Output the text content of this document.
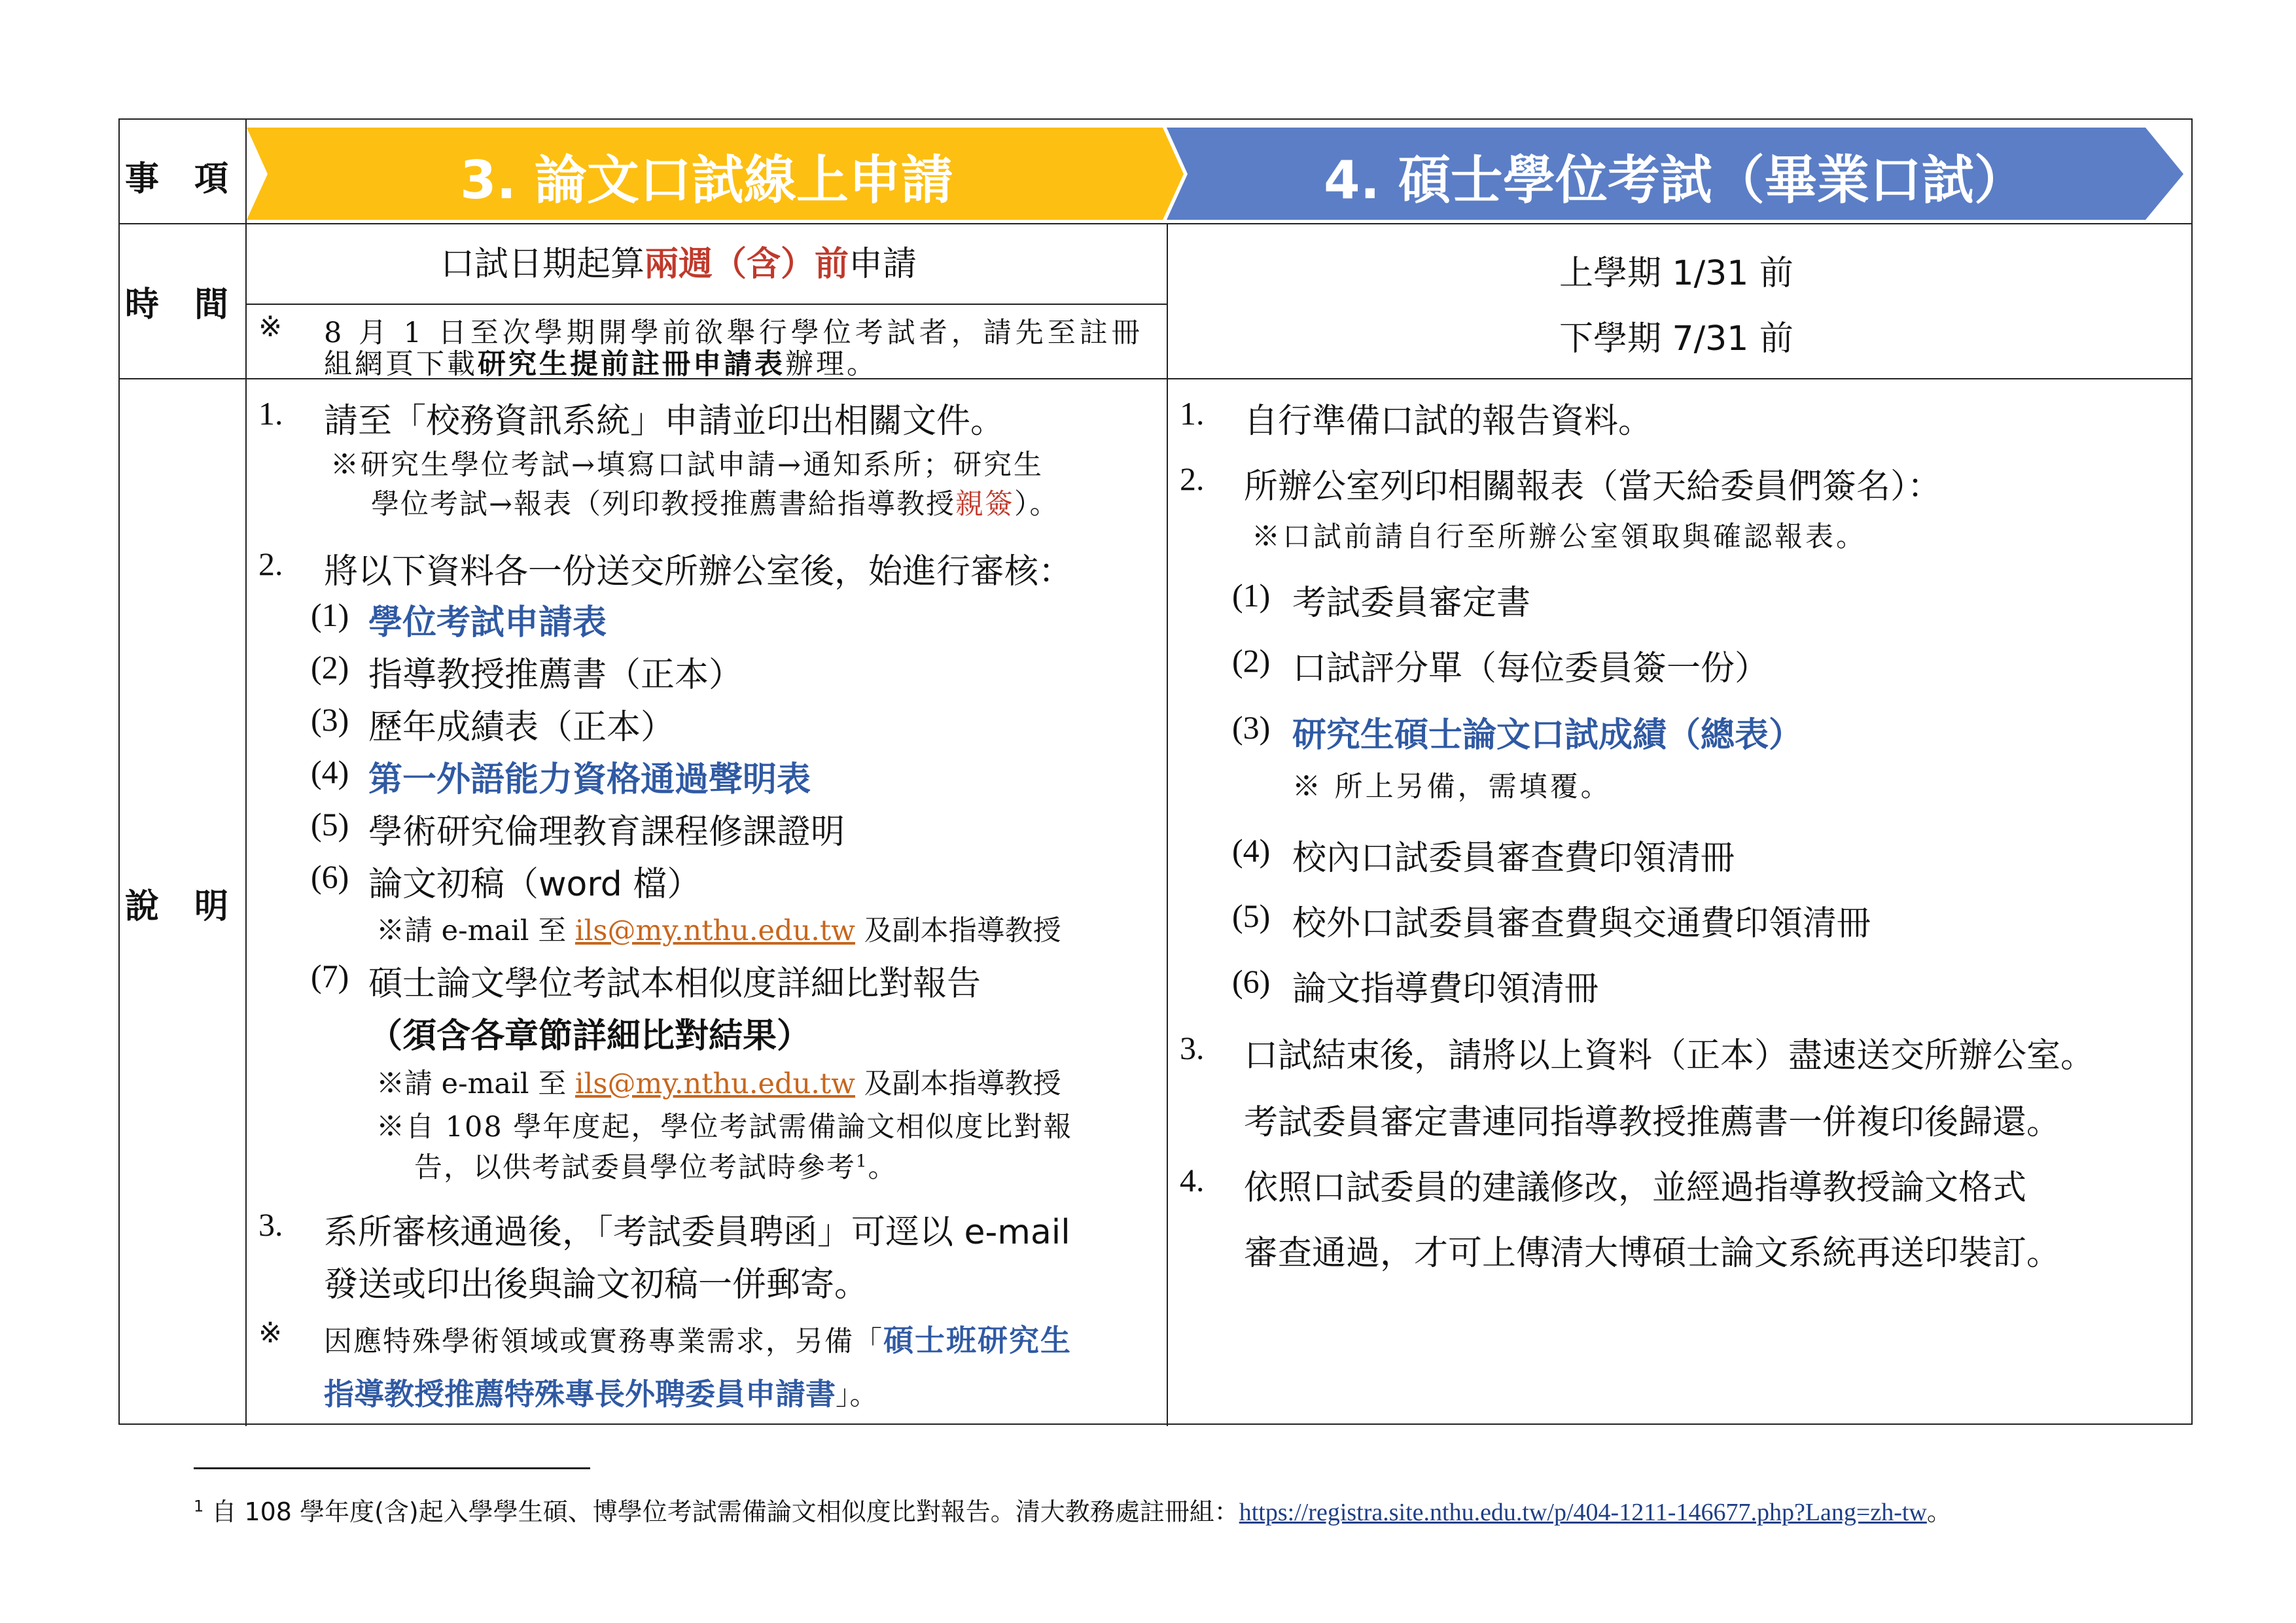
事 項
時 間
說 明
3. 論文口試線上申請	4. 碩士學位考試（畢業口試）
口試日期起算兩週（含）前申請
※ 8 月 1 日至次學期開學前欲舉行學位考試者，請先至註冊
組網頁下載研究生提前註冊申請表辦理。
上學期 1/31 前
下學期 7/31 前
1. 請至「校務資訊系統」申請並印出相關文件。
※研究生學位考試→填寫口試申請→通知系所；研究生
學位考試→報表（列印教授推薦書給指導教授親簽）。
2. 將以下資料各一份送交所辦公室後，始進行審核：
(1) 學位考試申請表
(2) 指導教授推薦書（正本）
(3) 歷年成績表（正本）
(4) 第一外語能力資格通過聲明表
(5) 學術研究倫理教育課程修課證明
(6) 論文初稿（word 檔）
※請 e-mail 至 ils@my.nthu.edu.tw 及副本指導教授
(7) 碩士論文學位考試本相似度詳細比對報告
（須含各章節詳細比對結果）
※請 e-mail 至 ils@my.nthu.edu.tw 及副本指導教授
※自 108 學年度起，學位考試需備論文相似度比對報
告，以供考試委員學位考試時參考$^1$。
3. 系所審核通過後，「考試委員聘函」可逕以 e-mail
發送或印出後與論文初稿一併郵寄。
※ 因應特殊學術領域或實務專業需求，另備「碩士班研究生
指導教授推薦特殊專長外聘委員申請書」。
1. 自行準備口試的報告資料。
2. 所辦公室列印相關報表（當天給委員們簽名）：
※口試前請自行至所辦公室領取與確認報表。
(1) 考試委員審定書
(2) 口試評分單（每位委員簽一份）
(3) 研究生碩士論文口試成績（總表）
※ 所上另備，需填覆。
(4) 校內口試委員審查費印領清冊
(5) 校外口試委員審查費與交通費印領清冊
(6) 論文指導費印領清冊
3. 口試結束後，請將以上資料（正本）盡速送交所辦公室。
考試委員審定書連同指導教授推薦書一併複印後歸還。
4. 依照口試委員的建議修改，並經過指導教授論文格式
審查通過，才可上傳清大博碩士論文系統再送印裝訂。
$^1$ 自 108 學年度(含)起入學學生碩、博學位考試需備論文相似度比對報告。清大教務處註冊組：https://registra.site.nthu.edu.tw/p/404-1211-146677.php?Lang=zh-tw。
